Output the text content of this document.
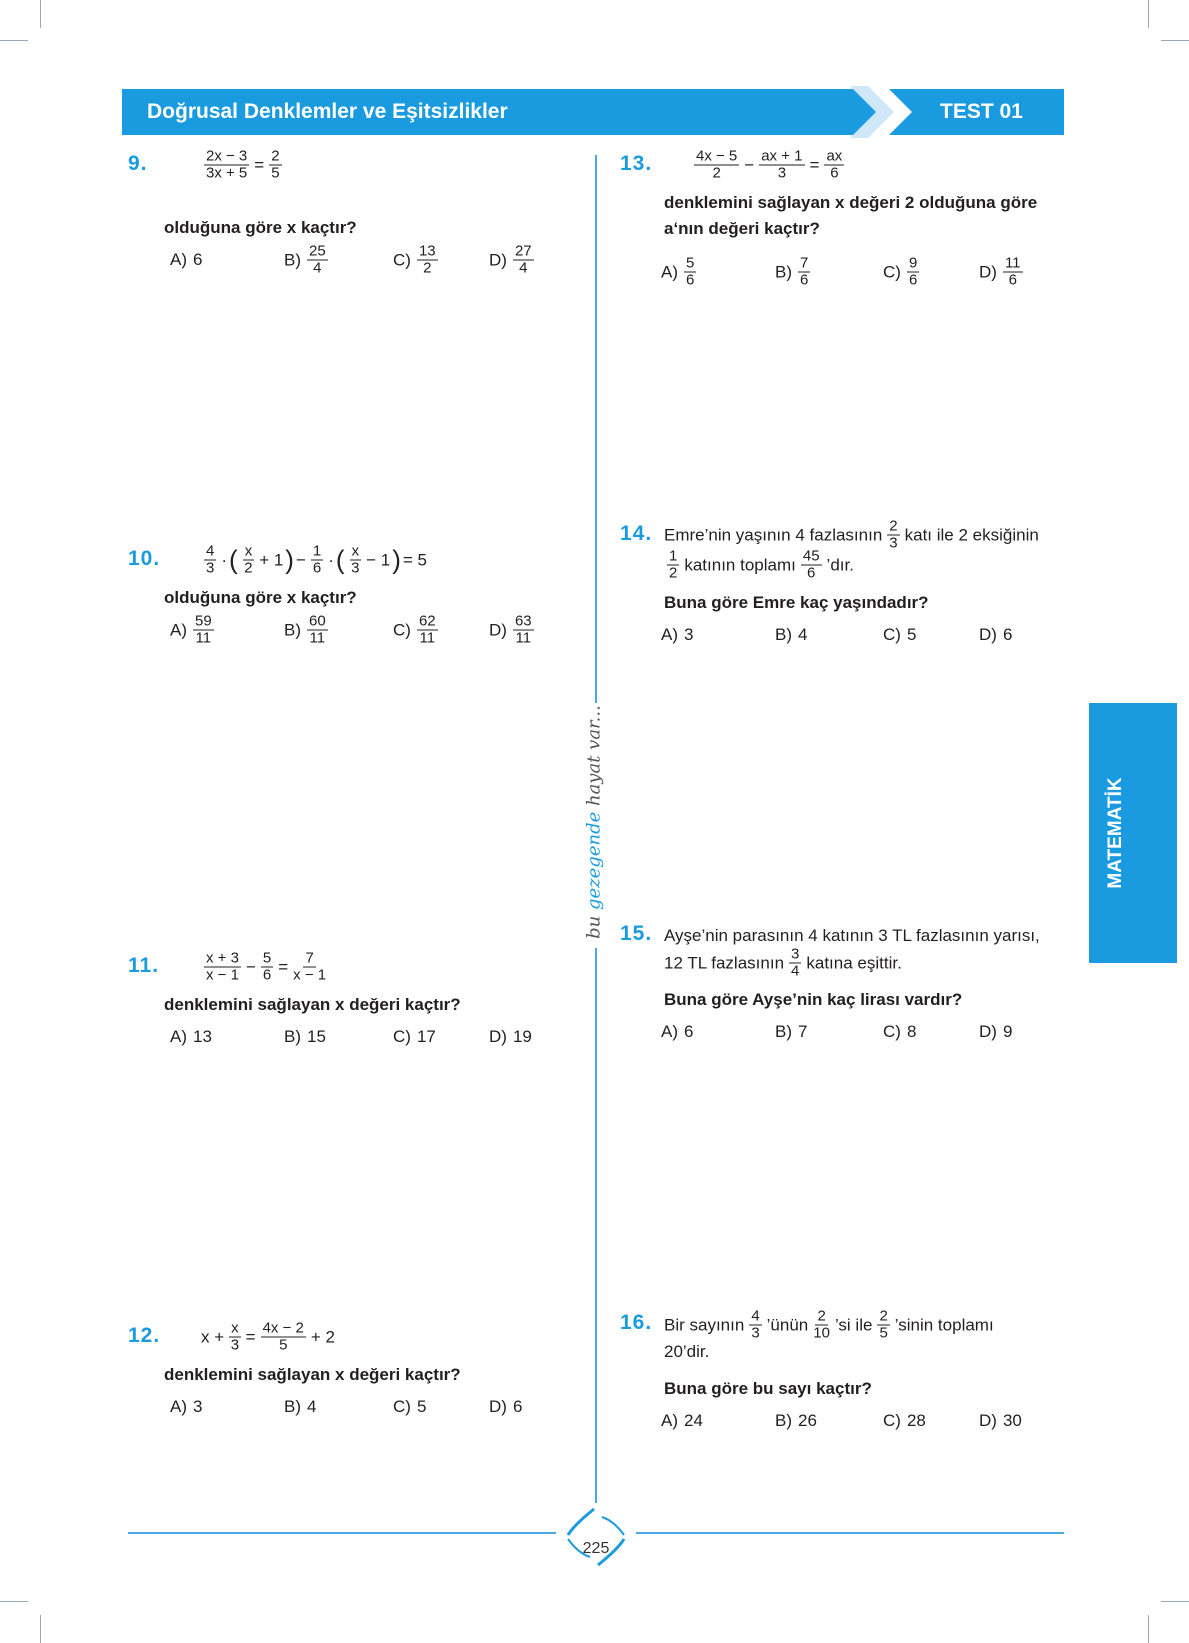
Doğrusal Denklemler ve Eşitsizlikler	TEST 01
bu gezegende hayat var...
MATEMATİK
225
9.	$\frac{2x - 3}{3x + 5} = \frac{2}{5}$
olduğuna göre x kaçtır?
A) 6	$B) \frac{25}{4}$	$C) \frac{13}{2}$	$D) \frac{27}{4}$
10.	$\frac{4}{3}$ · ( $\frac{x}{2} + 1$ ) − $\frac{1}{6}$ · ( $\frac{x}{3} - 1$ ) = 5
olduğuna göre x kaçtır?
$A) \frac{59}{11}$	$B) \frac{60}{11}$	$C) \frac{62}{11}$	$D) \frac{63}{11}$
11.	$\frac{x + 3}{x - 1} - \frac{5}{6} = \frac{7}{x - 1}$
denklemini sağlayan x değeri kaçtır?
A) 13	B) 15	C) 17	D) 19
12. $x + \frac{x}{3} = \frac{4x - 2}{5} + 2$
denklemini sağlayan x değeri kaçtır?
A) 3	B) 4	C) 5	D) 6
13.	$\frac{4x - 5}{2} - \frac{ax + 1}{3} = \frac{ax}{6}$
denklemini sağlayan x değeri 2 olduğuna göre
a‘nın değeri kaçtır?
$A) \frac{5}{6}$	$B) \frac{7}{6}$	$C) \frac{9}{6}$	$D) \frac{11}{6}$
14. Emre’nin yaşının 4 fazlasının $\frac{2}{3}$ katı ile 2 eksiğinin
$\frac{1}{2}$ katının toplamı $\frac{45}{6}$ ’dır.
Buna göre Emre kaç yaşındadır?
A) 3	B) 4	C) 5	D) 6
15. Ayşe’nin parasının 4 katının 3 TL fazlasının yarısı,
12 TL fazlasının $\frac{3}{4}$ katına eşittir.
Buna göre Ayşe’nin kaç lirası vardır?
A) 6	B) 7	C) 8	D) 9
16. Bir sayının $\frac{4}{3}$ ’ünün $\frac{2}{10}$ ’si ile $\frac{2}{5}$ ’sinin toplamı
20’dir.
Buna göre bu sayı kaçtır?
A) 24	B) 26	C) 28	D) 30
